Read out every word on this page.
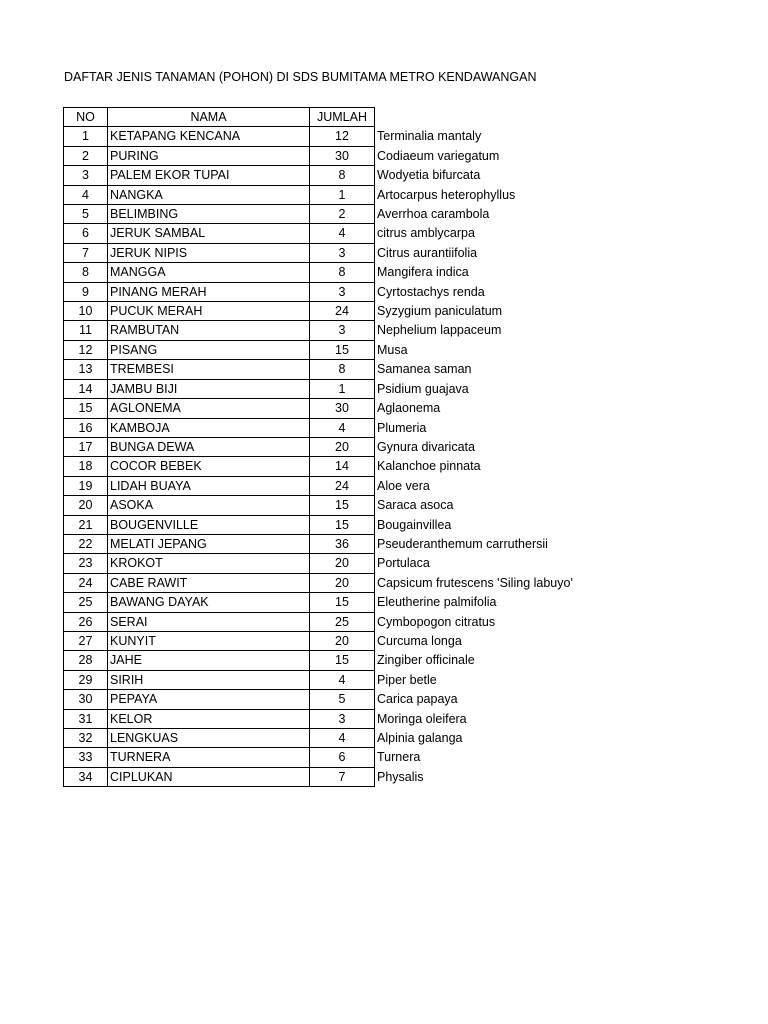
DAFTAR JENIS TANAMAN (POHON) DI SDS BUMITAMA METRO KENDAWANGAN
NO	NAMA	JUMLAH	
1	KETAPANG KENCANA	12	Terminalia mantaly
2	PURING	30	Codiaeum variegatum
3	PALEM EKOR TUPAI	8	Wodyetia bifurcata
4	NANGKA	1	Artocarpus heterophyllus
5	BELIMBING	2	Averrhoa carambola
6	JERUK SAMBAL	4	citrus amblycarpa
7	JERUK NIPIS	3	Citrus aurantiifolia
8	MANGGA	8	Mangifera indica
9	PINANG MERAH	3	Cyrtostachys renda
10	PUCUK MERAH	24	Syzygium paniculatum
11	RAMBUTAN	3	Nephelium lappaceum
12	PISANG	15	Musa
13	TREMBESI	8	Samanea saman
14	JAMBU BIJI	1	Psidium guajava
15	AGLONEMA	30	Aglaonema
16	KAMBOJA	4	Plumeria
17	BUNGA DEWA	20	Gynura divaricata
18	COCOR BEBEK	14	Kalanchoe pinnata
19	LIDAH BUAYA	24	Aloe vera
20	ASOKA	15	Saraca asoca
21	BOUGENVILLE	15	Bougainvillea
22	MELATI JEPANG	36	Pseuderanthemum carruthersii
23	KROKOT	20	Portulaca
24	CABE RAWIT	20	Capsicum frutescens 'Siling labuyo'
25	BAWANG DAYAK	15	Eleutherine palmifolia
26	SERAI	25	Cymbopogon citratus
27	KUNYIT	20	Curcuma longa
28	JAHE	15	Zingiber officinale
29	SIRIH	4	Piper betle
30	PEPAYA	5	Carica papaya
31	KELOR	3	Moringa oleifera
32	LENGKUAS	4	Alpinia galanga
33	TURNERA	6	Turnera
34	CIPLUKAN	7	Physalis
